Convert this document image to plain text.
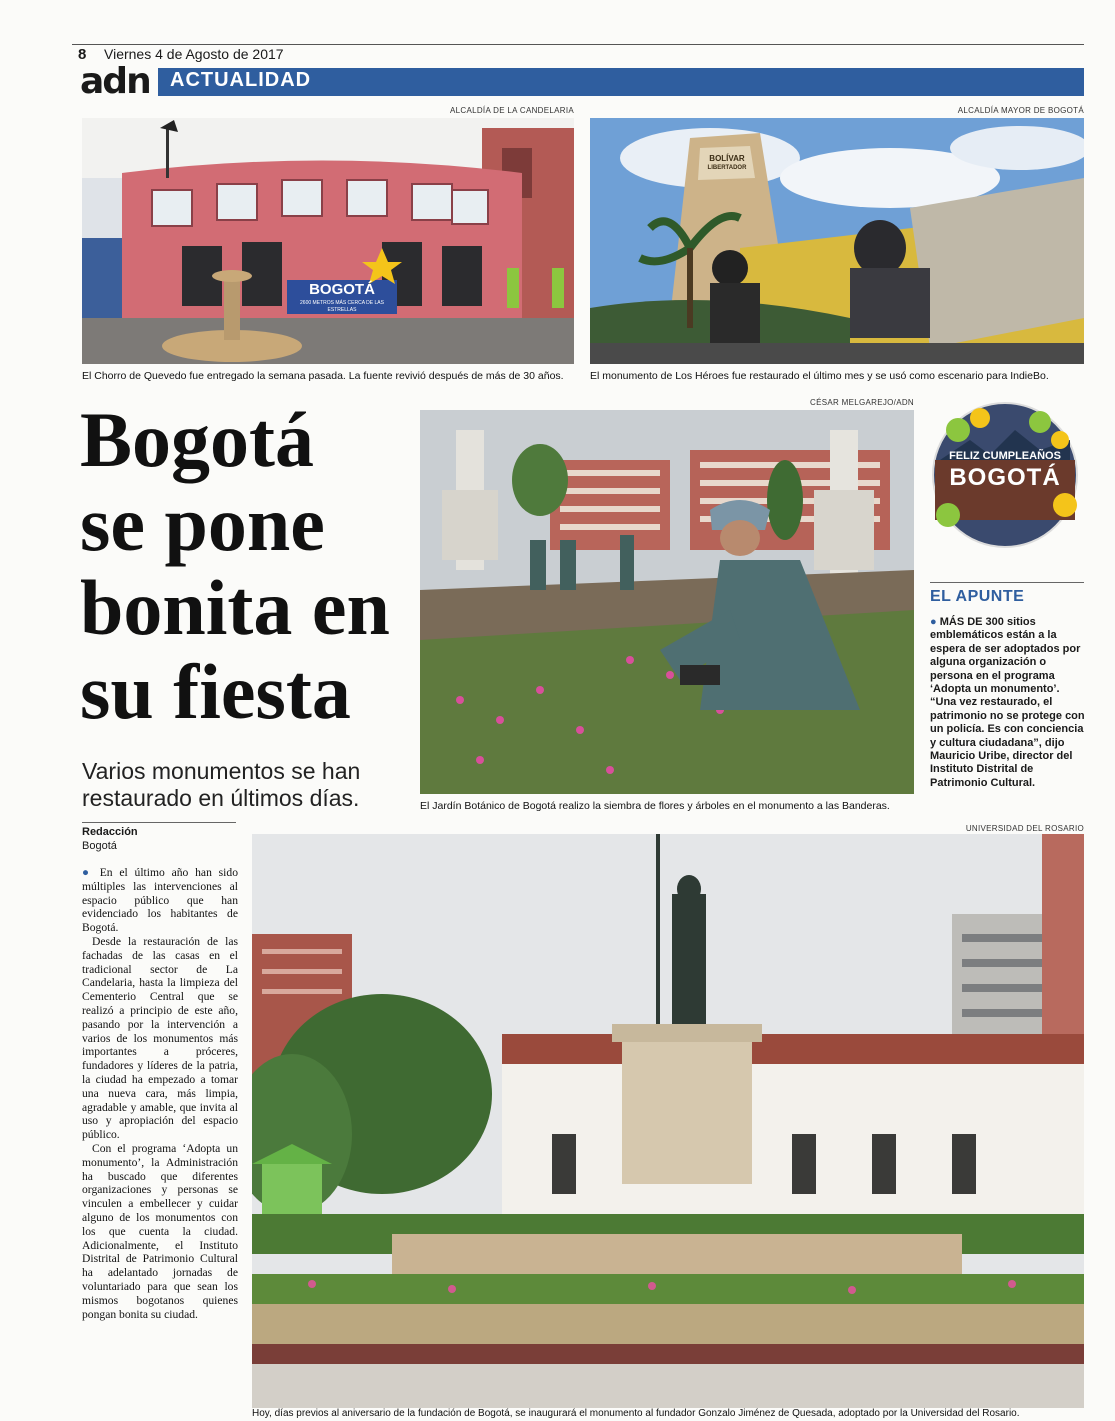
8 Viernes 4 de Agosto de 2017
adn ACTUALIDAD
ALCALDÍA DE LA CANDELARIA
BOGOTÁ
2600 METROS MÁS CERCA DE LAS ESTRELLAS
El Chorro de Quevedo fue entregado la semana pasada. La fuente revivió después de más de 30 años.
ALCALDÍA MAYOR DE BOGOTÁ
BOLÍVAR
LIBERTADOR
El monumento de Los Héroes fue restaurado el último mes y se usó como escenario para IndieBo.
Bogotá
se pone
bonita en
su fiesta
Varios monumentos se han restaurado en últimos días.
CÉSAR MELGAREJO/ADN
El Jardín Botánico de Bogotá realizo la siembra de flores y árboles en el monumento a las Banderas.
FELIZ CUMPLEAÑOS
BOGOTÁ
EL APUNTE
● MÁS DE 300 sitios emblemáticos están a la espera de ser adoptados por alguna organización o persona en el programa ‘Adopta un monumento’. “Una vez restaurado, el patrimonio no se protege con un policía. Es con conciencia y cultura ciudadana”, dijo Mauricio Uribe, director del Instituto Distrital de Patrimonio Cultural.
Redacción
Bogotá

● En el último año han sido múltiples las intervenciones al espacio público que han evidenciado los habitantes de Bogotá.

Desde la restauración de las fachadas de las casas en el tradicional sector de La Candelaria, hasta la limpieza del Cementerio Central que se realizó a principio de este año, pasando por la intervención a varios de los monumentos más importantes a próceres, fundadores y líderes de la patria, la ciudad ha empezado a tomar una nueva cara, más limpia, agradable y amable, que invita al uso y apropiación del espacio público.

Con el programa ‘Adopta un monumento’, la Administración ha buscado que diferentes organizaciones y personas se vinculen a embellecer y cuidar alguno de los monumentos con los que cuenta la ciudad. Adicionalmente, el Instituto Distrital de Patrimonio Cultural ha adelantado jornadas de voluntariado para que sean los mismos bogotanos quienes pongan bonita su ciudad.

UNIVERSIDAD DEL ROSARIO
Hoy, días previos al aniversario de la fundación de Bogotá, se inaugurará el monumento al fundador Gonzalo Jiménez de Quesada, adoptado por la Universidad del Rosario.
